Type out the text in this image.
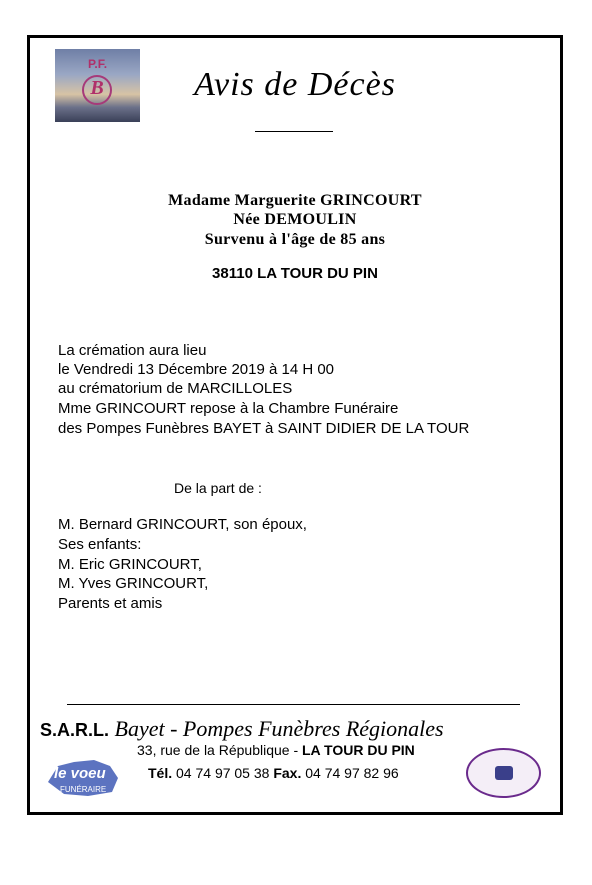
P.F.
B	Avis de Décès
Madame Marguerite GRINCOURT
Née DEMOULIN
Survenu à l'âge de 85 ans
38110 LA TOUR DU PIN
La crémation aura lieu
le Vendredi 13 Décembre 2019 à 14 H 00
au crématorium de MARCILLOLES
Mme GRINCOURT repose à la Chambre Funéraire
des Pompes Funèbres BAYET à SAINT DIDIER DE LA TOUR
De la part de :
M. Bernard GRINCOURT, son époux,
Ses enfants:
M. Eric GRINCOURT,
M. Yves GRINCOURT,
Parents et amis
S.A.R.L. Bayet - Pompes Funèbres Régionales
33, rue de la République - LA TOUR DU PIN
Tél. 04 74 97 05 38 Fax. 04 74 97 82 96
le voeu
FUNÉRAIRE
